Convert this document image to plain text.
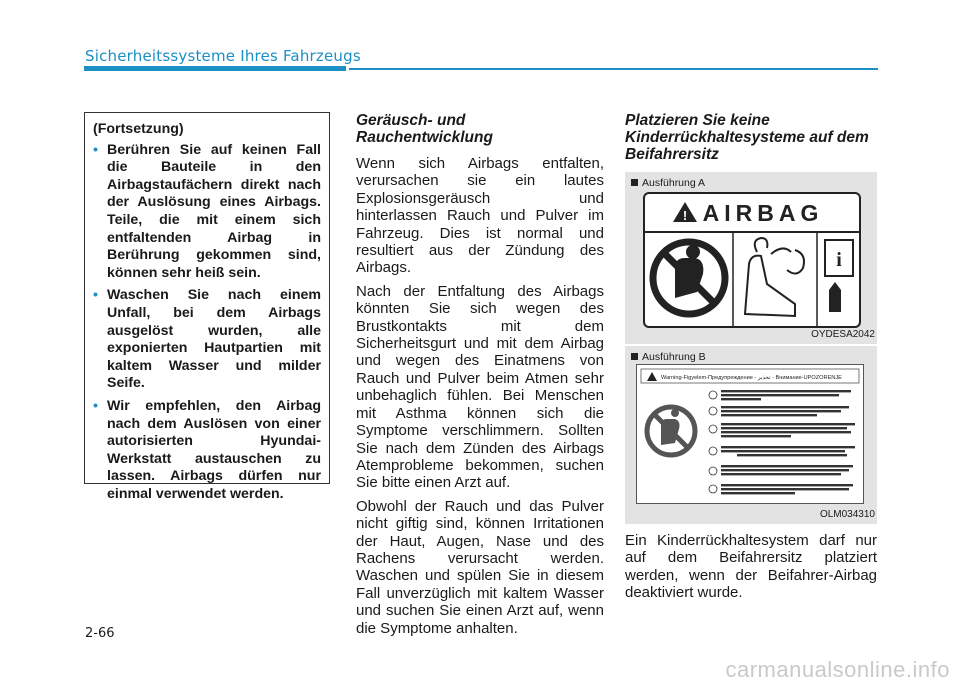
Sicherheitssysteme Ihres Fahrzeugs
(Fortsetzung)
• Berühren Sie auf keinen Fall die Bauteile in den Airbagstaufächern direkt nach der Auslösung eines Airbags. Teile, die mit einem sich entfaltenden Airbag in Berührung gekommen sind, können sehr heiß sein.
• Waschen Sie nach einem Unfall, bei dem Airbags ausgelöst wurden, alle exponierten Hautpartien mit kaltem Wasser und milder Seife.
• Wir empfehlen, den Airbag nach dem Auslösen von einer autorisierten Hyundai-Werkstatt austauschen zu lassen. Airbags dürfen nur einmal verwendet werden.
Geräusch- und Rauchentwicklung

Wenn sich Airbags entfalten, verursachen sie ein lautes Explosionsgeräusch und hinterlassen Rauch und Pulver im Fahrzeug. Dies ist normal und resultiert aus der Zündung des Airbags.

Nach der Entfaltung des Airbags könnten Sie sich wegen des Brustkontakts mit dem Sicherheitsgurt und mit dem Airbag und wegen des Einatmens von Rauch und Pulver beim Atmen sehr unbehaglich fühlen. Bei Menschen mit Asthma können sich die Symptome verschlimmern. Sollten Sie nach dem Zünden des Airbags Atemprobleme bekommen, suchen Sie bitte einen Arzt auf.

Obwohl der Rauch und das Pulver nicht giftig sind, können Irritationen der Haut, Augen, Nase und des Rachens verursacht werden. Waschen und spülen Sie in diesem Fall unverzüglich mit kaltem Wasser und suchen Sie einen Arzt auf, wenn die Symptome anhalten.

Platzieren Sie keine Kinderrückhaltesysteme auf dem Beifahrersitz
Ausführung A
! AIRBAG
i
OYDESA2042
Ausführung B
Warning-Figyelem-Предупреждение - تحذير - Внимание-UPOZORENJE
OLM034310

Ein Kinderrückhaltesystem darf nur auf dem Beifahrersitz platziert werden, wenn der Beifahrer-Airbag deaktiviert wurde.

2-66
carmanualsonline.info
